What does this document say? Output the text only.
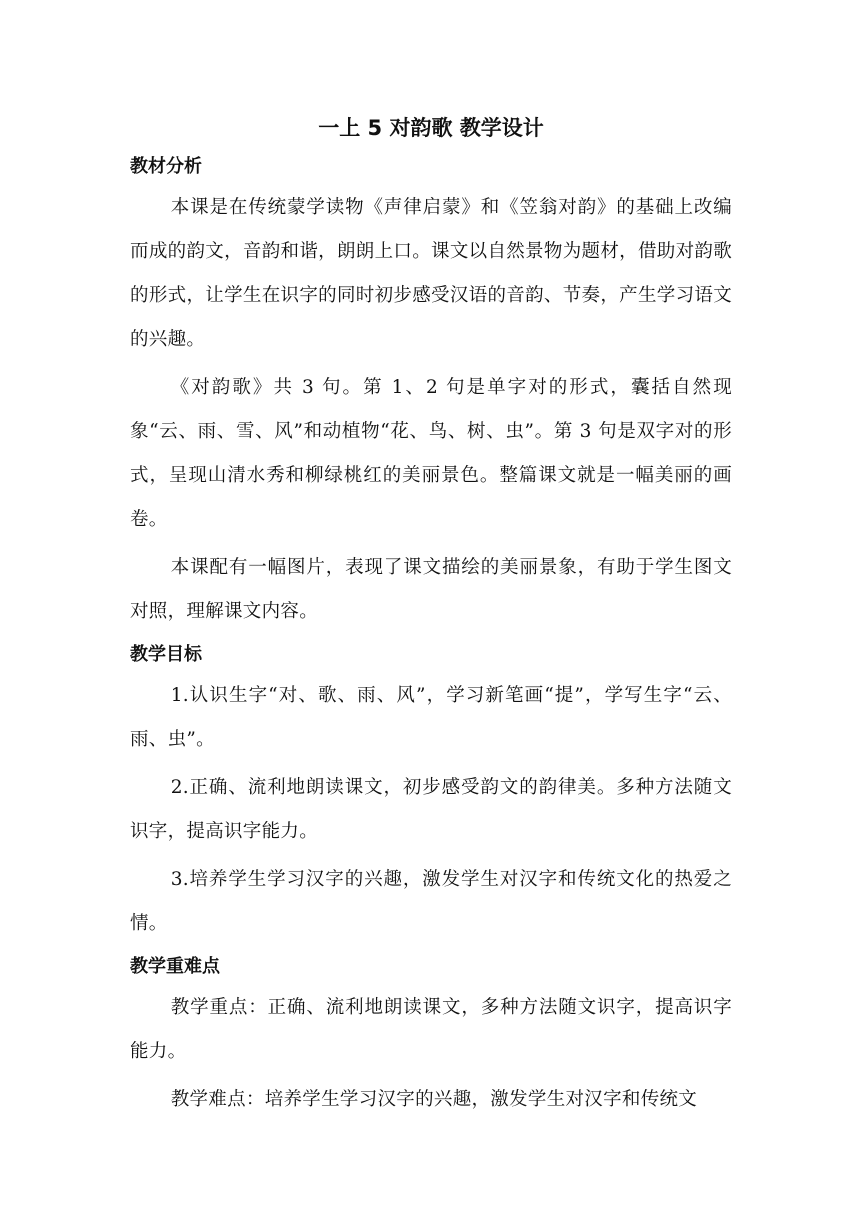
一上 5 对韵歌 教学设计
教材分析

本课是在传统蒙学读物《声律启蒙》和《笠翁对韵》的基础上改编而成的韵文，音韵和谐，朗朗上口。课文以自然景物为题材，借助对韵歌的形式，让学生在识字的同时初步感受汉语的音韵、节奏，产生学习语文的兴趣。

《对韵歌》共 3 句。第 1、2 句是单字对的形式，囊括自然现象“云、雨、雪、风”和动植物“花、鸟、树、虫”。第 3 句是双字对的形式，呈现山清水秀和柳绿桃红的美丽景色。整篇课文就是一幅美丽的画卷。

本课配有一幅图片，表现了课文描绘的美丽景象，有助于学生图文对照，理解课文内容。

教学目标

1.认识生字“对、歌、雨、风”，学习新笔画“提”，学写生字“云、雨、虫”。

2.正确、流利地朗读课文，初步感受韵文的韵律美。多种方法随文识字，提高识字能力。

3.培养学生学习汉字的兴趣，激发学生对汉字和传统文化的热爱之情。

教学重难点

教学重点：正确、流利地朗读课文，多种方法随文识字，提高识字能力。

教学难点：培养学生学习汉字的兴趣，激发学生对汉字和传统文
